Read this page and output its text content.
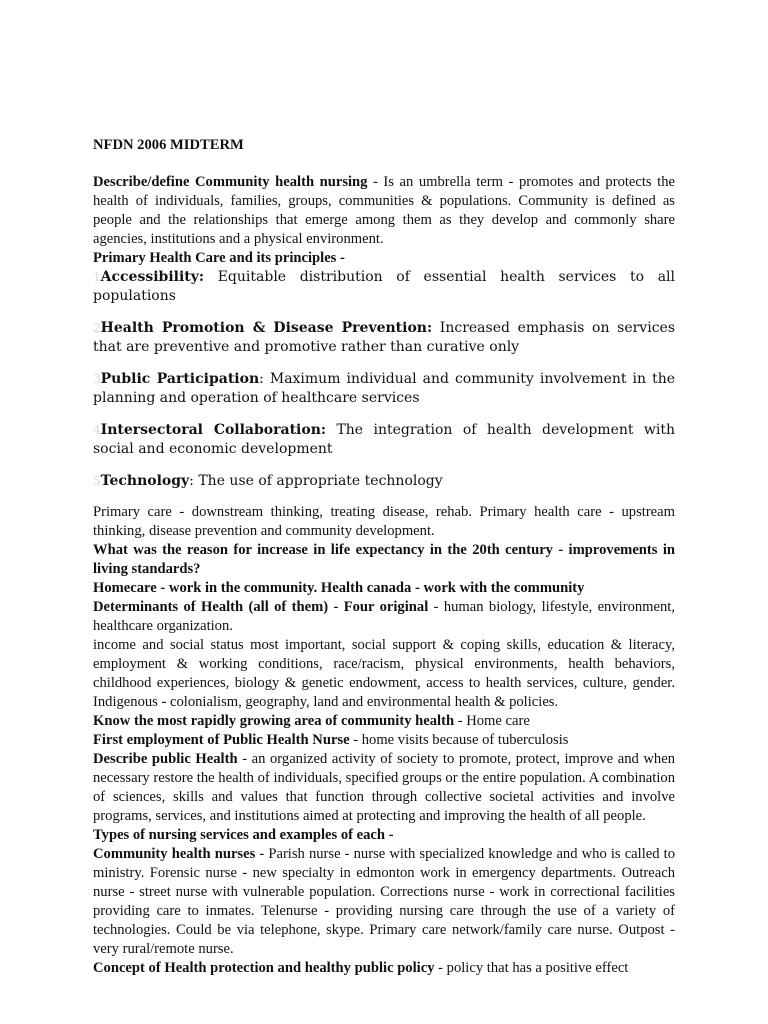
NFDN 2006 MIDTERM

Describe/define Community health nursing - Is an umbrella term - promotes and protects the health of individuals, families, groups, communities & populations. Community is defined as people and the relationships that emerge among them as they develop and commonly share agencies, institutions and a physical environment.

Primary Health Care and its principles -

1Accessibility: Equitable distribution of essential health services to all populations

2Health Promotion & Disease Prevention: Increased emphasis on services that are preventive and promotive rather than curative only

3Public Participation: Maximum individual and community involvement in the planning and operation of healthcare services

4Intersectoral Collaboration: The integration of health development with social and economic development

5Technology: The use of appropriate technology

Primary care - downstream thinking, treating disease, rehab. Primary health care - upstream thinking, disease prevention and community development.

What was the reason for increase in life expectancy in the 20th century - improvements in living standards?

Homecare - work in the community. Health canada - work with the community

Determinants of Health (all of them) - Four original - human biology, lifestyle, environment, healthcare organization.

income and social status most important, social support & coping skills, education & literacy, employment & working conditions, race/racism, physical environments, health behaviors, childhood experiences, biology & genetic endowment, access to health services, culture, gender. Indigenous - colonialism, geography, land and environmental health & policies.

Know the most rapidly growing area of community health - Home care

First employment of Public Health Nurse - home visits because of tuberculosis

Describe public Health - an organized activity of society to promote, protect, improve and when necessary restore the health of individuals, specified groups or the entire population. A combination of sciences, skills and values that function through collective societal activities and involve programs, services, and institutions aimed at protecting and improving the health of all people.

Types of nursing services and examples of each -

Community health nurses - Parish nurse - nurse with specialized knowledge and who is called to ministry. Forensic nurse - new specialty in edmonton work in emergency departments. Outreach nurse - street nurse with vulnerable population. Corrections nurse - work in correctional facilities providing care to inmates. Telenurse - providing nursing care through the use of a variety of technologies. Could be via telephone, skype. Primary care network/family care nurse. Outpost - very rural/remote nurse.

Concept of Health protection and healthy public policy - policy that has a positive effect
